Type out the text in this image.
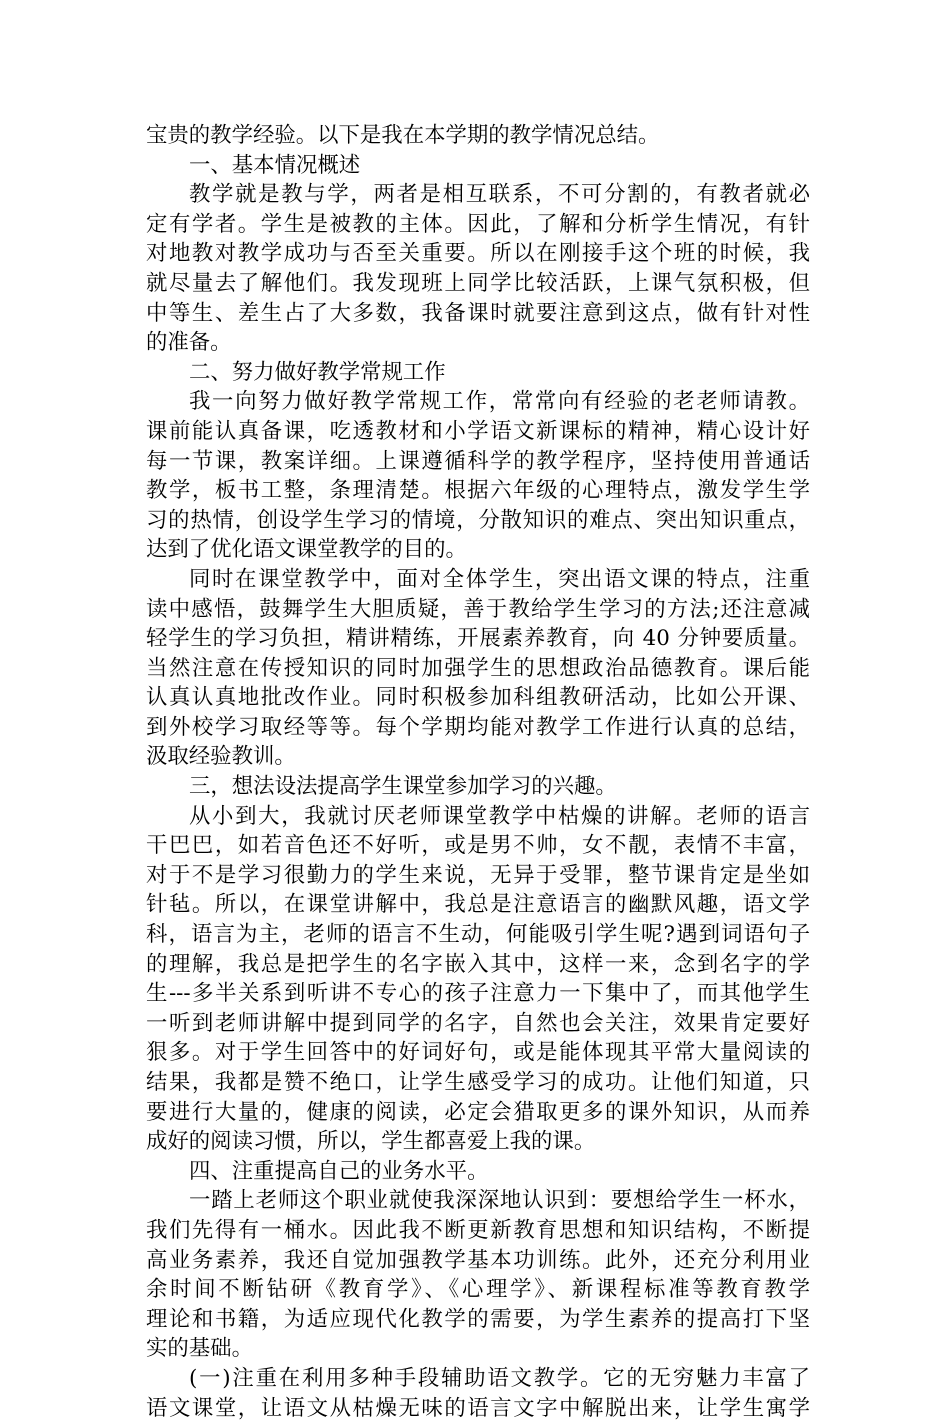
宝贵的教学经验。以下是我在本学期的教学情况总结。
一、基本情况概述
教学就是教与学，两者是相互联系，不可分割的，有教者就必
定有学者。学生是被教的主体。因此，了解和分析学生情况，有针
对地教对教学成功与否至关重要。所以在刚接手这个班的时候，我
就尽量去了解他们。我发现班上同学比较活跃，上课气氛积极，但
中等生、差生占了大多数，我备课时就要注意到这点，做有针对性
的准备。
二、努力做好教学常规工作
我一向努力做好教学常规工作，常常向有经验的老老师请教。
课前能认真备课，吃透教材和小学语文新课标的精神，精心设计好
每一节课，教案详细。上课遵循科学的教学程序，坚持使用普通话
教学，板书工整，条理清楚。根据六年级的心理特点，激发学生学
习的热情，创设学生学习的情境，分散知识的难点、突出知识重点，
达到了优化语文课堂教学的目的。
同时在课堂教学中，面对全体学生，突出语文课的特点，注重
读中感悟，鼓舞学生大胆质疑，善于教给学生学习的方法;还注意减
轻学生的学习负担，精讲精练，开展素养教育，向 40 分钟要质量。
当然注意在传授知识的同时加强学生的思想政治品德教育。课后能
认真认真地批改作业。同时积极参加科组教研活动，比如公开课、
到外校学习取经等等。每个学期均能对教学工作进行认真的总结，
汲取经验教训。
三，想法设法提高学生课堂参加学习的兴趣。
从小到大，我就讨厌老师课堂教学中枯燥的讲解。老师的语言
干巴巴，如若音色还不好听，或是男不帅，女不靓，表情不丰富，
对于不是学习很勤力的学生来说，无异于受罪，整节课肯定是坐如
针毡。所以，在课堂讲解中，我总是注意语言的幽默风趣，语文学
科，语言为主，老师的语言不生动，何能吸引学生呢?遇到词语句子
的理解，我总是把学生的名字嵌入其中，这样一来，念到名字的学
生---多半关系到听讲不专心的孩子注意力一下集中了，而其他学生
一听到老师讲解中提到同学的名字，自然也会关注，效果肯定要好
狠多。对于学生回答中的好词好句，或是能体现其平常大量阅读的
结果，我都是赞不绝口，让学生感受学习的成功。让他们知道，只
要进行大量的，健康的阅读，必定会猎取更多的课外知识，从而养
成好的阅读习惯，所以，学生都喜爱上我的课。
四、注重提高自己的业务水平。
一踏上老师这个职业就使我深深地认识到：要想给学生一杯水，
我们先得有一桶水。因此我不断更新教育思想和知识结构，不断提
高业务素养，我还自觉加强教学基本功训练。此外，还充分利用业
余时间不断钻研《教育学》、《心理学》、新课程标准等教育教学
理论和书籍，为适应现代化教学的需要，为学生素养的提高打下坚
实的基础。
(一)注重在利用多种手段辅助语文教学。它的无穷魅力丰富了
语文课堂，让语文从枯燥无味的语言文字中解脱出来，让学生寓学
